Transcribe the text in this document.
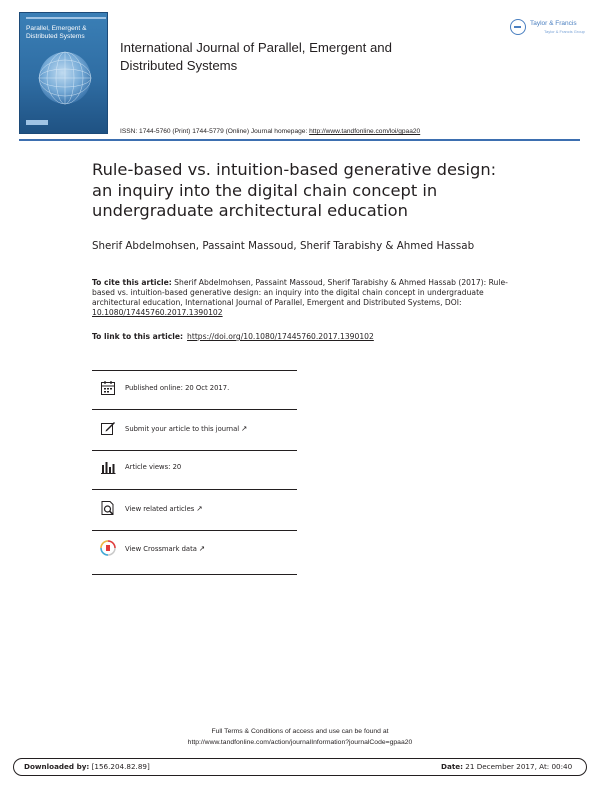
Parallel, Emergent &
Distributed Systems
International Journal of Parallel, Emergent and
Distributed Systems
Taylor & Francis
Taylor & Francis Group
ISSN: 1744-5760 (Print) 1744-5779 (Online) Journal homepage: http://www.tandfonline.com/loi/gpaa20
Rule-based vs. intuition-based generative design:
an inquiry into the digital chain concept in
undergraduate architectural education
Sherif Abdelmohsen, Passaint Massoud, Sherif Tarabishy & Ahmed Hassab
To cite this article: Sherif Abdelmohsen, Passaint Massoud, Sherif Tarabishy & Ahmed Hassab (2017): Rule-based vs. intuition-based generative design: an inquiry into the digital chain concept in undergraduate architectural education, International Journal of Parallel, Emergent and Distributed Systems, DOI: 10.1080/17445760.2017.1390102
To link to this article: https://doi.org/10.1080/17445760.2017.1390102
Published online: 20 Oct 2017.
Submit your article to this journal ↗
Article views: 20
View related articles ↗
View Crossmark data ↗
Full Terms & Conditions of access and use can be found at
http://www.tandfonline.com/action/journalInformation?journalCode=gpaa20
Downloaded by: [156.204.82.89]	Date: 21 December 2017, At: 00:40
